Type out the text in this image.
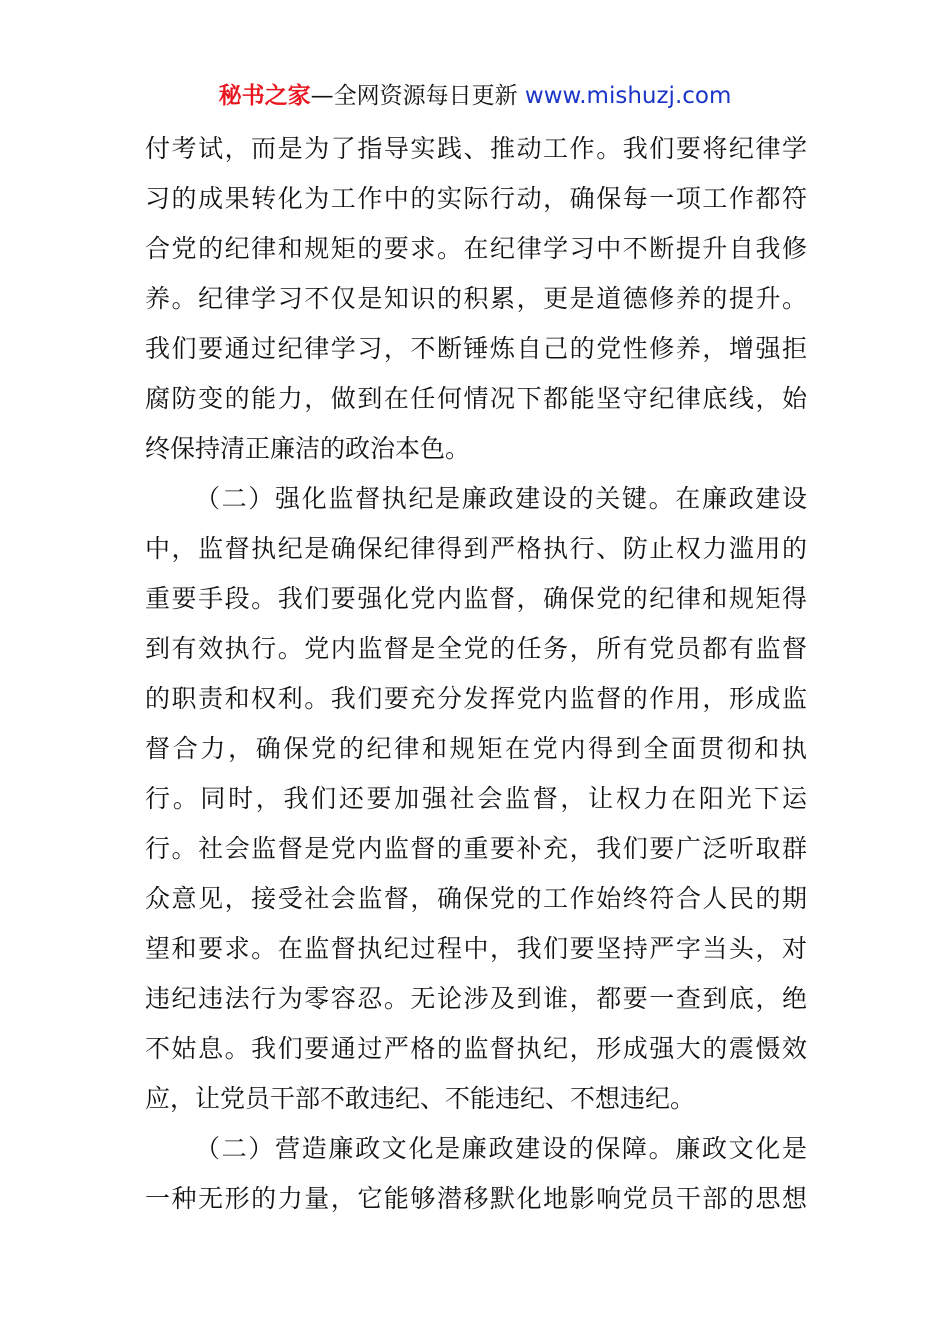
秘书之家—全网资源每日更新 www.mishuzj.com
付考试，而是为了指导实践、推动工作。我们要将纪律学
习的成果转化为工作中的实际行动，确保每一项工作都符
合党的纪律和规矩的要求。在纪律学习中不断提升自我修
养。纪律学习不仅是知识的积累，更是道德修养的提升。
我们要通过纪律学习，不断锤炼自己的党性修养，增强拒
腐防变的能力，做到在任何情况下都能坚守纪律底线，始
终保持清正廉洁的政治本色。
（二）强化监督执纪是廉政建设的关键。在廉政建设
中，监督执纪是确保纪律得到严格执行、防止权力滥用的
重要手段。我们要强化党内监督，确保党的纪律和规矩得
到有效执行。党内监督是全党的任务，所有党员都有监督
的职责和权利。我们要充分发挥党内监督的作用，形成监
督合力，确保党的纪律和规矩在党内得到全面贯彻和执
行。同时，我们还要加强社会监督，让权力在阳光下运
行。社会监督是党内监督的重要补充，我们要广泛听取群
众意见，接受社会监督，确保党的工作始终符合人民的期
望和要求。在监督执纪过程中，我们要坚持严字当头，对
违纪违法行为零容忍。无论涉及到谁，都要一查到底，绝
不姑息。我们要通过严格的监督执纪，形成强大的震慑效
应，让党员干部不敢违纪、不能违纪、不想违纪。
（二）营造廉政文化是廉政建设的保障。廉政文化是
一种无形的力量，它能够潜移默化地影响党员干部的思想
